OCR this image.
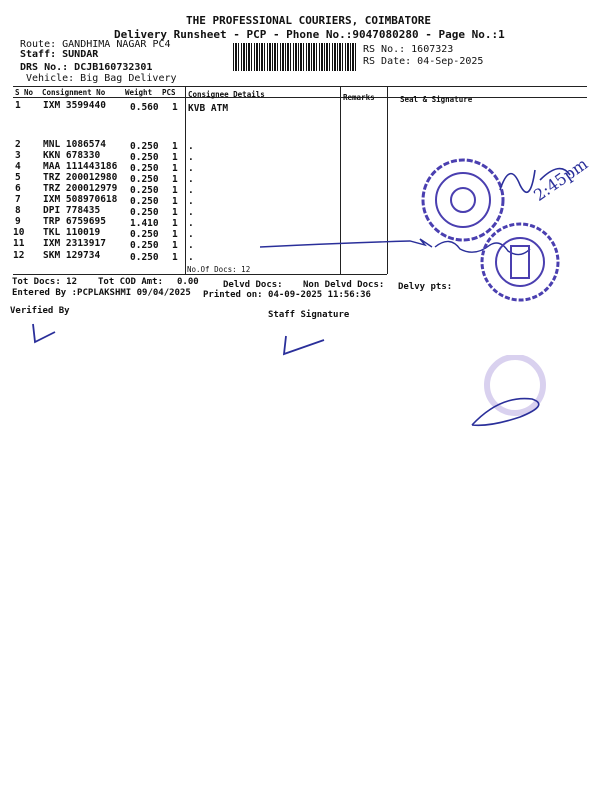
THE PROFESSIONAL COURIERS, COIMBATORE
Delivery Runsheet - PCP - Phone No.:9047080280 - Page No.:1
Route: GANDHIMA NAGAR PC4
Staff: SUNDAR
DRS No.: DCJB160732301
Vehicle: Big Bag Delivery
RS No.: 1607323
RS Date: 04-Sep-2025
S No Consignment No	Weight PCS Consignee Details	Remarks	Seal & Signature
1 IXM 3599440	0.560 1 KVB ATM
2 MNL 1086574	0.250 1 .
3 KKN 678330	0.250 1 .
4 MAA 111443186 0.250 1 .
5 TRZ 200012980 0.250 1 .
6 TRZ 200012979 0.250 1 .
7 IXM 508970618 0.250 1 .
8 DPI 778435	0.250 1 .
9 TRP 6759695	1.410 1 .
10 TKL 110019	0.250 1 .
11 IXM 2313917	0.250 1 .
12 SKM 129734	0.250 1 .
No.Of Docs: 12
Tot Docs: 12 Tot COD Amt: 0.00	Delvd Docs: Non Delvd Docs: Delvy pts:
Entered By :PCPLAKSHMI 09/04/2025 Printed on: 04-09-2025 11:56:36
Verified By	Staff Signature
2:45pm
